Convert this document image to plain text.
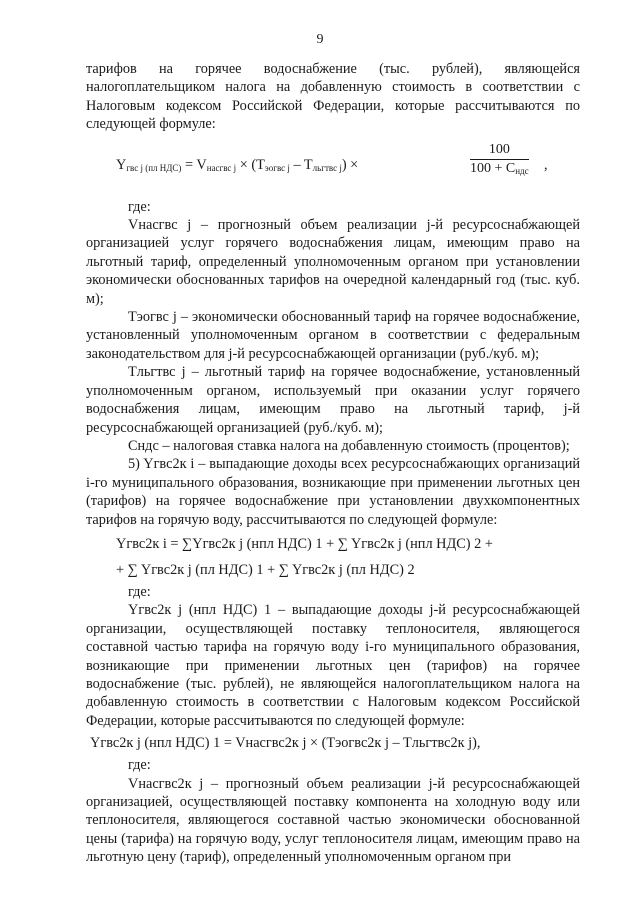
9

тарифов на горячее водоснабжение (тыс. рублей), являющейся налогоплательщиком налога на добавленную стоимость в соответствии с Налоговым кодексом Российской Федерации, которые рассчитываются по следующей формуле:

$Y_{гвс j (пл НДС)} = V_{насгвс j} \times (T_{эогвс j} - T_{льгтвс j})$ ×
100
$100 + C_{ндс}$ ,

где:

Vнасгвс j – прогнозный объем реализации j-й ресурсоснабжающей организацией услуг горячего водоснабжения лицам, имеющим право на льготный тариф, определенный уполномоченным органом при установлении экономически обоснованных тарифов на очередной календарный год (тыс. куб. м);

Tэогвс j – экономически обоснованный тариф на горячее водоснабжение, установленный уполномоченным органом в соответствии с федеральным законодательством для j-й ресурсоснабжающей организации (руб./куб. м);

Tльгтвс j – льготный тариф на горячее водоснабжение, установленный уполномоченным органом, используемый при оказании услуг горячего водоснабжения лицам, имеющим право на льготный тариф, j-й ресурсоснабжающей организацией (руб./куб. м);

Cндс – налоговая ставка налога на добавленную стоимость (процентов);

5) Yгвс2к i – выпадающие доходы всех ресурсоснабжающих организаций i-го муниципального образования, возникающие при применении льготных цен (тарифов) на горячее водоснабжение при установлении двухкомпонентных тарифов на горячую воду, рассчитываются по следующей формуле:

Yгвс2к i = ∑Yгвс2к j (нпл НДС) 1 + ∑ Yгвс2к j (нпл НДС) 2 +
+ ∑ Yгвс2к j (пл НДС) 1 + ∑ Yгвс2к j (пл НДС) 2

где:

Yгвс2к j (нпл НДС) 1 – выпадающие доходы j-й ресурсоснабжающей организации, осуществляющей поставку теплоносителя, являющегося составной частью тарифа на горячую воду i-го муниципального образования, возникающие при применении льготных цен (тарифов) на горячее водоснабжение (тыс. рублей), не являющейся налогоплательщиком налога на добавленную стоимость в соответствии с Налоговым кодексом Российской Федерации, которые рассчитываются по следующей формуле:

Yгвс2к j (нпл НДС) 1 = Vнасгвс2к j × (Tэогвс2к j – Tльгтвс2к j),

где:

Vнасгвс2к j – прогнозный объем реализации j-й ресурсоснабжающей организацией, осуществляющей поставку компонента на холодную воду или теплоносителя, являющегося составной частью экономически обоснованной цены (тарифа) на горячую воду, услуг теплоносителя лицам, имеющим право на льготную цену (тариф), определенный уполномоченным органом при
